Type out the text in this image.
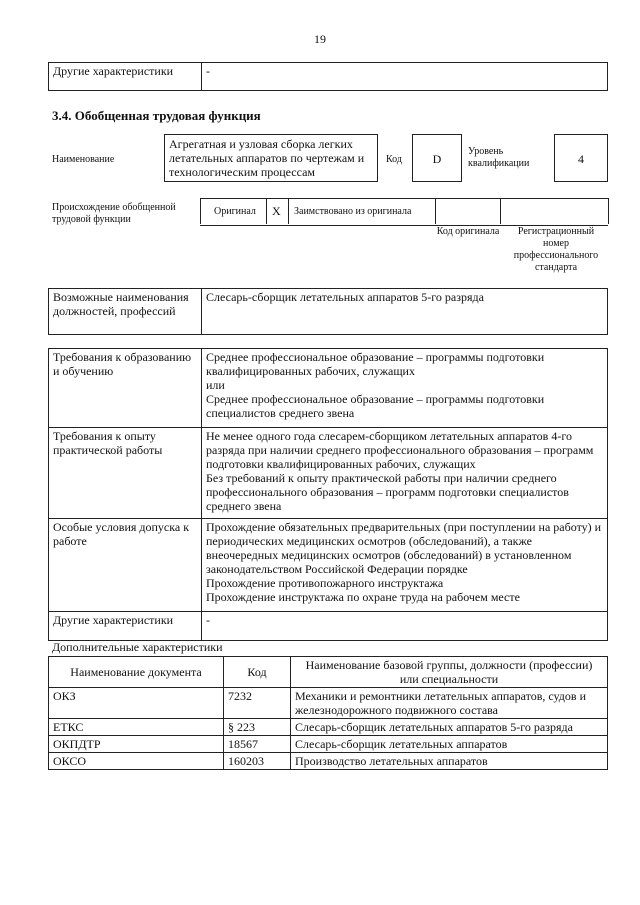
19
Другие характеристики	-
3.4. Обобщенная трудовая функция
Наименование
Агрегатная и узловая сборка легких летательных аппаратов по чертежам и технологическим процессам
Код	D
Уровень квалификации	4
Происхождение обобщенной трудовой функции
Оригинал X Заимствовано из оригинала
Код оригинала	Регистрационный номер профессионального стандарта
Возможные наименования должностей, профессий	Слесарь-сборщик летательных аппаратов 5-го разряда
Требования к образованию и обучению	Среднее профессиональное образование – программы подготовки квалифицированных рабочих, служащих
или
Среднее профессиональное образование – программы подготовки специалистов среднего звена

Требования к опыту практической работы	Не менее одного года слесарем-сборщиком летательных аппаратов 4-го разряда при наличии среднего профессионального образования – программ подготовки квалифицированных рабочих, служащих
Без требований к опыту практической работы при наличии среднего профессионального образования – программ подготовки специалистов среднего звена

Особые условия допуска к работе	Прохождение обязательных предварительных (при поступлении на работу) и периодических медицинских осмотров (обследований), а также внеочередных медицинских осмотров (обследований) в установленном законодательством Российской Федерации порядке
Прохождение противопожарного инструктажа
Прохождение инструктажа по охране труда на рабочем месте

Другие характеристики	-
Дополнительные характеристики
Наименование документа	Код	Наименование базовой группы, должности (профессии) или специальности
ОКЗ	7232	Механики и ремонтники летательных аппаратов, судов и железнодорожного подвижного состава
ЕТКС	§ 223	Слесарь-сборщик летательных аппаратов 5-го разряда
ОКПДТР	18567	Слесарь-сборщик летательных аппаратов
ОКСО	160203	Производство летательных аппаратов
